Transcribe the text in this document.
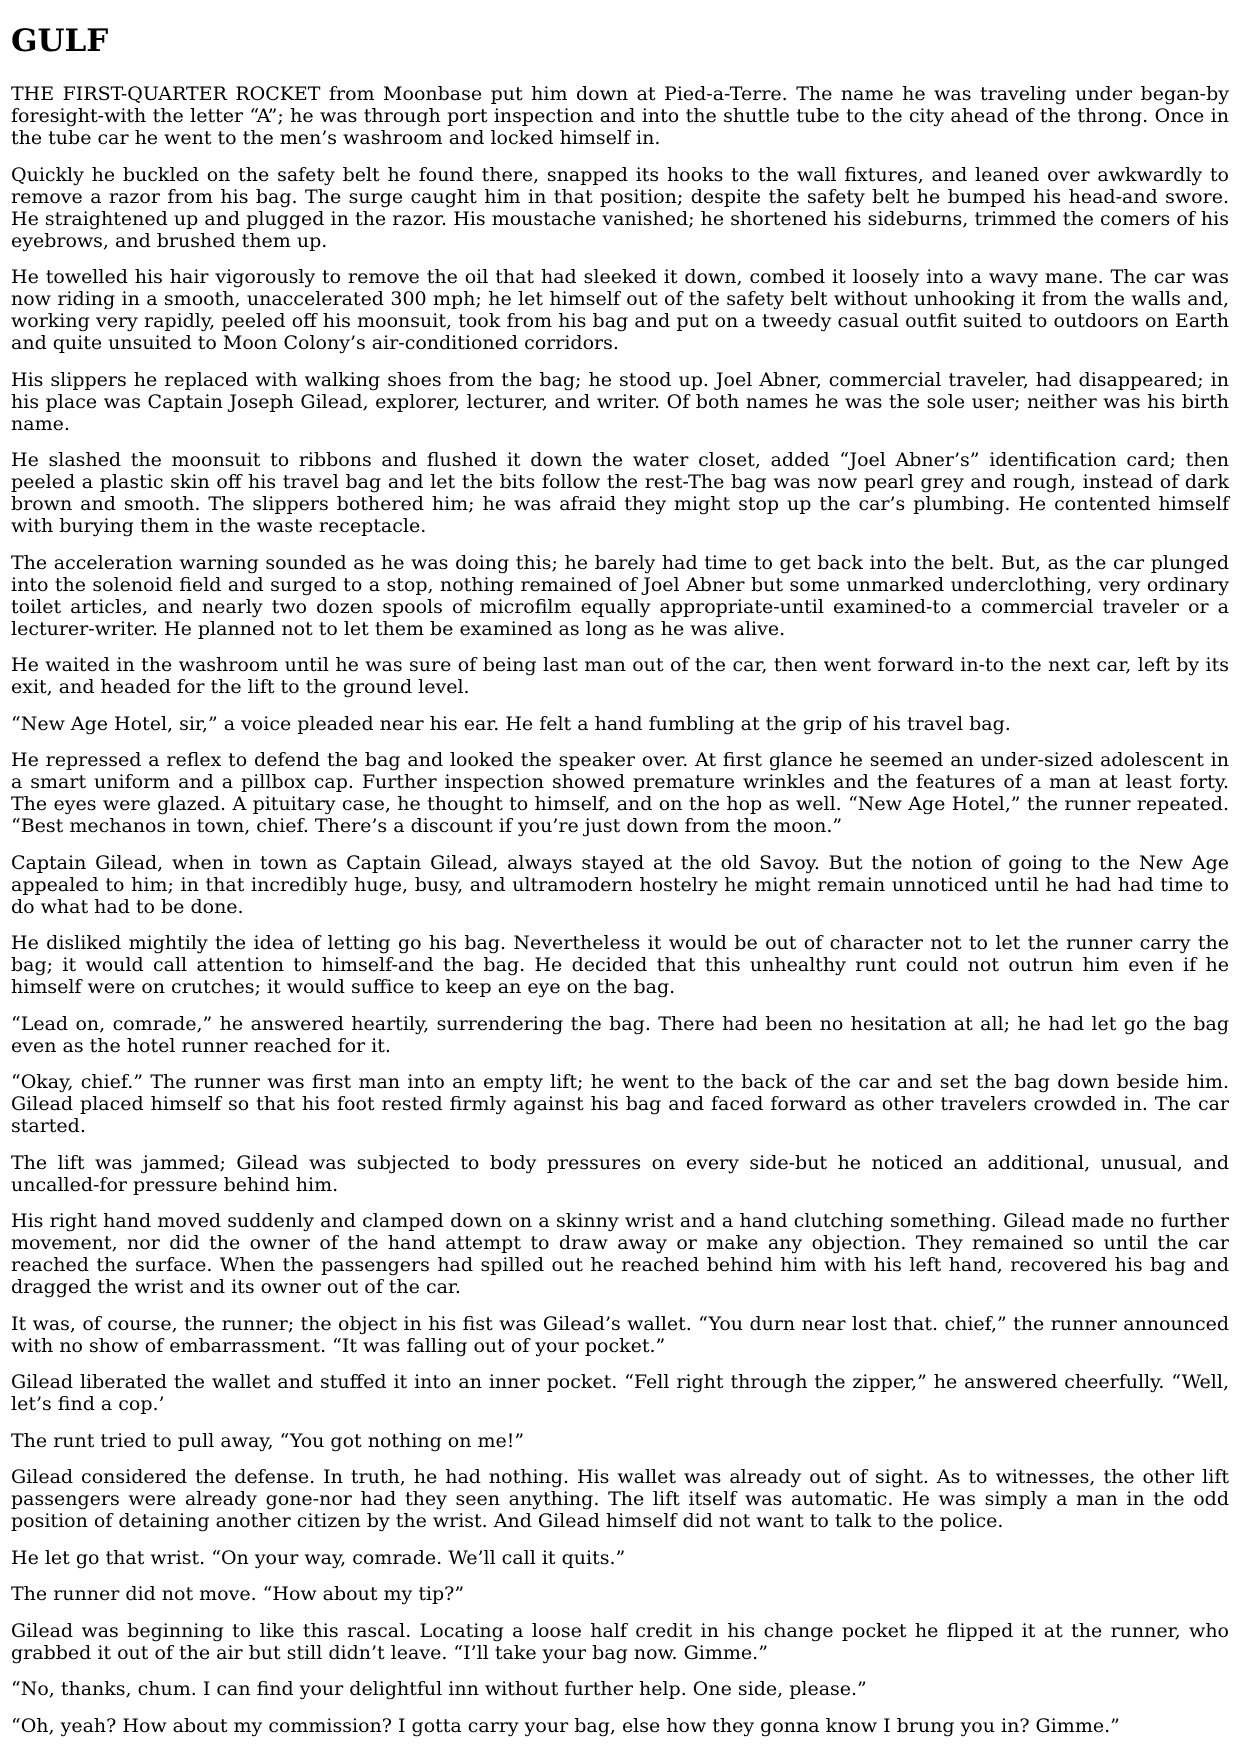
GULF

THE FIRST-QUARTER ROCKET from Moonbase put him down at Pied-a-Terre. The name he was traveling under began-by foresight-with the letter “A”; he was through port inspection and into the shuttle tube to the city ahead of the throng. Once in the tube car he went to the men’s washroom and locked himself in.

Quickly he buckled on the safety belt he found there, snapped its hooks to the wall fixtures, and leaned over awkwardly to remove a razor from his bag. The surge caught him in that position; despite the safety belt he bumped his head-and swore. He straightened up and plugged in the razor. His moustache vanished; he shortened his sideburns, trimmed the comers of his eyebrows, and brushed them up.

He towelled his hair vigorously to remove the oil that had sleeked it down, combed it loosely into a wavy mane. The car was now riding in a smooth, unaccelerated 300 mph; he let himself out of the safety belt without unhooking it from the walls and, working very rapidly, peeled off his moonsuit, took from his bag and put on a tweedy casual outfit suited to outdoors on Earth and quite unsuited to Moon Colony’s air-conditioned corridors.

His slippers he replaced with walking shoes from the bag; he stood up. Joel Abner, commercial traveler, had disappeared; in his place was Captain Joseph Gilead, explorer, lecturer, and writer. Of both names he was the sole user; neither was his birth name.

He slashed the moonsuit to ribbons and flushed it down the water closet, added “Joel Abner’s” identification card; then peeled a plastic skin off his travel bag and let the bits follow the rest-The bag was now pearl grey and rough, instead of dark brown and smooth. The slippers bothered him; he was afraid they might stop up the car’s plumbing. He contented himself with burying them in the waste receptacle.

The acceleration warning sounded as he was doing this; he barely had time to get back into the belt. But, as the car plunged into the solenoid field and surged to a stop, nothing remained of Joel Abner but some unmarked underclothing, very ordinary toilet articles, and nearly two dozen spools of microfilm equally appropriate-until examined-to a commercial traveler or a lecturer-writer. He planned not to let them be examined as long as he was alive.

He waited in the washroom until he was sure of being last man out of the car, then went forward in-to the next car, left by its exit, and headed for the lift to the ground level.

“New Age Hotel, sir,” a voice pleaded near his ear. He felt a hand fumbling at the grip of his travel bag.

He repressed a reflex to defend the bag and looked the speaker over. At first glance he seemed an under-sized adolescent in a smart uniform and a pillbox cap. Further inspection showed premature wrinkles and the features of a man at least forty. The eyes were glazed. A pituitary case, he thought to himself, and on the hop as well. “New Age Hotel,” the runner repeated. “Best mechanos in town, chief. There’s a discount if you’re just down from the moon.”

Captain Gilead, when in town as Captain Gilead, always stayed at the old Savoy. But the notion of going to the New Age appealed to him; in that incredibly huge, busy, and ultramodern hostelry he might remain unnoticed until he had had time to do what had to be done.

He disliked mightily the idea of letting go his bag. Nevertheless it would be out of character not to let the runner carry the bag; it would call attention to himself-and the bag. He decided that this unhealthy runt could not outrun him even if he himself were on crutches; it would suffice to keep an eye on the bag.

“Lead on, comrade,” he answered heartily, surrendering the bag. There had been no hesitation at all; he had let go the bag even as the hotel runner reached for it.

“Okay, chief.” The runner was first man into an empty lift; he went to the back of the car and set the bag down beside him. Gilead placed himself so that his foot rested firmly against his bag and faced forward as other travelers crowded in. The car started.

The lift was jammed; Gilead was subjected to body pressures on every side-but he noticed an additional, unusual, and uncalled-for pressure behind him.

His right hand moved suddenly and clamped down on a skinny wrist and a hand clutching something. Gilead made no further movement, nor did the owner of the hand attempt to draw away or make any objection. They remained so until the car reached the surface. When the passengers had spilled out he reached behind him with his left hand, recovered his bag and dragged the wrist and its owner out of the car.

It was, of course, the runner; the object in his fist was Gilead’s wallet. “You durn near lost that. chief,” the runner announced with no show of embarrassment. “It was falling out of your pocket.”

Gilead liberated the wallet and stuffed it into an inner pocket. “Fell right through the zipper,” he answered cheerfully. “Well, let’s find a cop.’

The runt tried to pull away, “You got nothing on me!”

Gilead considered the defense. In truth, he had nothing. His wallet was already out of sight. As to witnesses, the other lift passengers were already gone-nor had they seen anything. The lift itself was automatic. He was simply a man in the odd position of detaining another citizen by the wrist. And Gilead himself did not want to talk to the police.

He let go that wrist. “On your way, comrade. We’ll call it quits.”

The runner did not move. “How about my tip?”

Gilead was beginning to like this rascal. Locating a loose half credit in his change pocket he flipped it at the runner, who grabbed it out of the air but still didn’t leave. “I’ll take your bag now. Gimme.”

“No, thanks, chum. I can find your delightful inn without further help. One side, please.”

“Oh, yeah? How about my commission? I gotta carry your bag, else how they gonna know I brung you in? Gimme.”
